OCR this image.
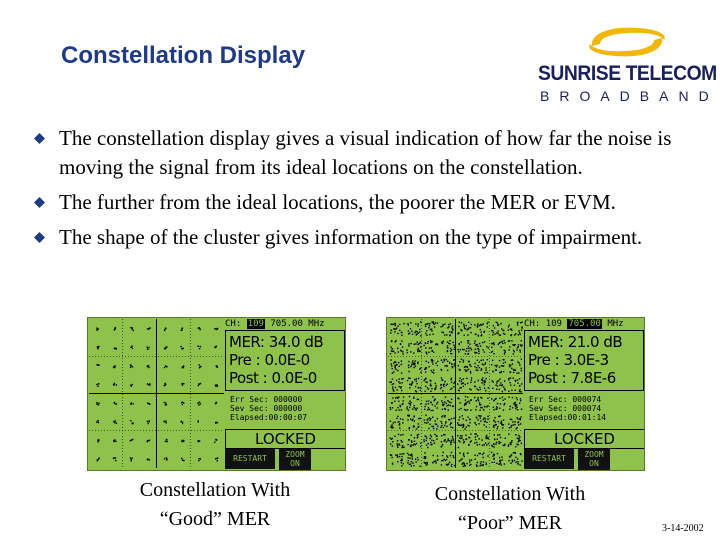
Constellation Display
SUNRISE TELECOM
BROADBAND
The constellation display gives a visual indication of how far the noise is moving the signal from its ideal locations on the constellation.
The further from the ideal locations, the poorer the MER or EVM.
The shape of the cluster gives information on the type of impairment.
CH: 109 705.00 MHz
MER: 34.0 dB
Pre : 0.0E-0
Post : 0.0E-0
Err Sec: 000000
Sev Sec: 000000
Elapsed:00:00:07
LOCKED
RESTART	ZOOM
ON
CH: 109 705.00 MHz
MER: 21.0 dB
Pre : 3.0E-3
Post : 7.8E-6
Err Sec: 000074
Sev Sec: 000074
Elapsed:00:01:14
LOCKED
RESTART	ZOOM
ON
Constellation With
“Good” MER
Constellation With
“Poor” MER	3-14-2002
